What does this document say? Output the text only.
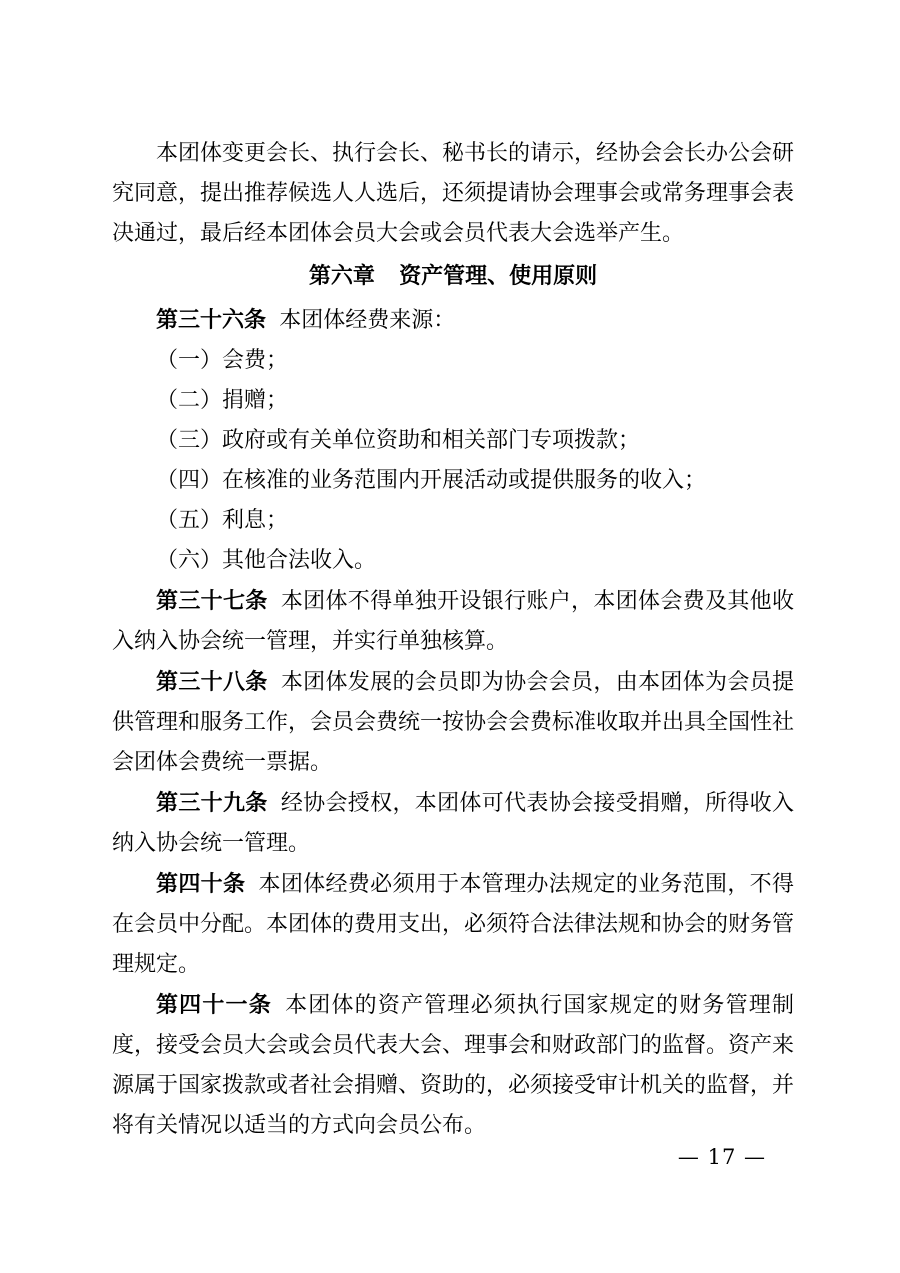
本团体变更会长、执行会长、秘书长的请示，经协会会长办公会研究同意，提出推荐候选人人选后，还须提请协会理事会或常务理事会表决通过，最后经本团体会员大会或会员代表大会选举产生。

第六章 资产管理、使用原则

第三十六条 本团体经费来源：

（一）会费；

（二）捐赠；

（三）政府或有关单位资助和相关部门专项拨款；

（四）在核准的业务范围内开展活动或提供服务的收入；

（五）利息；

（六）其他合法收入。

第三十七条 本团体不得单独开设银行账户，本团体会费及其他收入纳入协会统一管理，并实行单独核算。

第三十八条 本团体发展的会员即为协会会员，由本团体为会员提供管理和服务工作，会员会费统一按协会会费标准收取并出具全国性社会团体会费统一票据。

第三十九条 经协会授权，本团体可代表协会接受捐赠，所得收入纳入协会统一管理。

第四十条 本团体经费必须用于本管理办法规定的业务范围，不得在会员中分配。本团体的费用支出，必须符合法律法规和协会的财务管理规定。

第四十一条 本团体的资产管理必须执行国家规定的财务管理制度，接受会员大会或会员代表大会、理事会和财政部门的监督。资产来源属于国家拨款或者社会捐赠、资助的，必须接受审计机关的监督，并将有关情况以适当的方式向会员公布。

— 17 —
